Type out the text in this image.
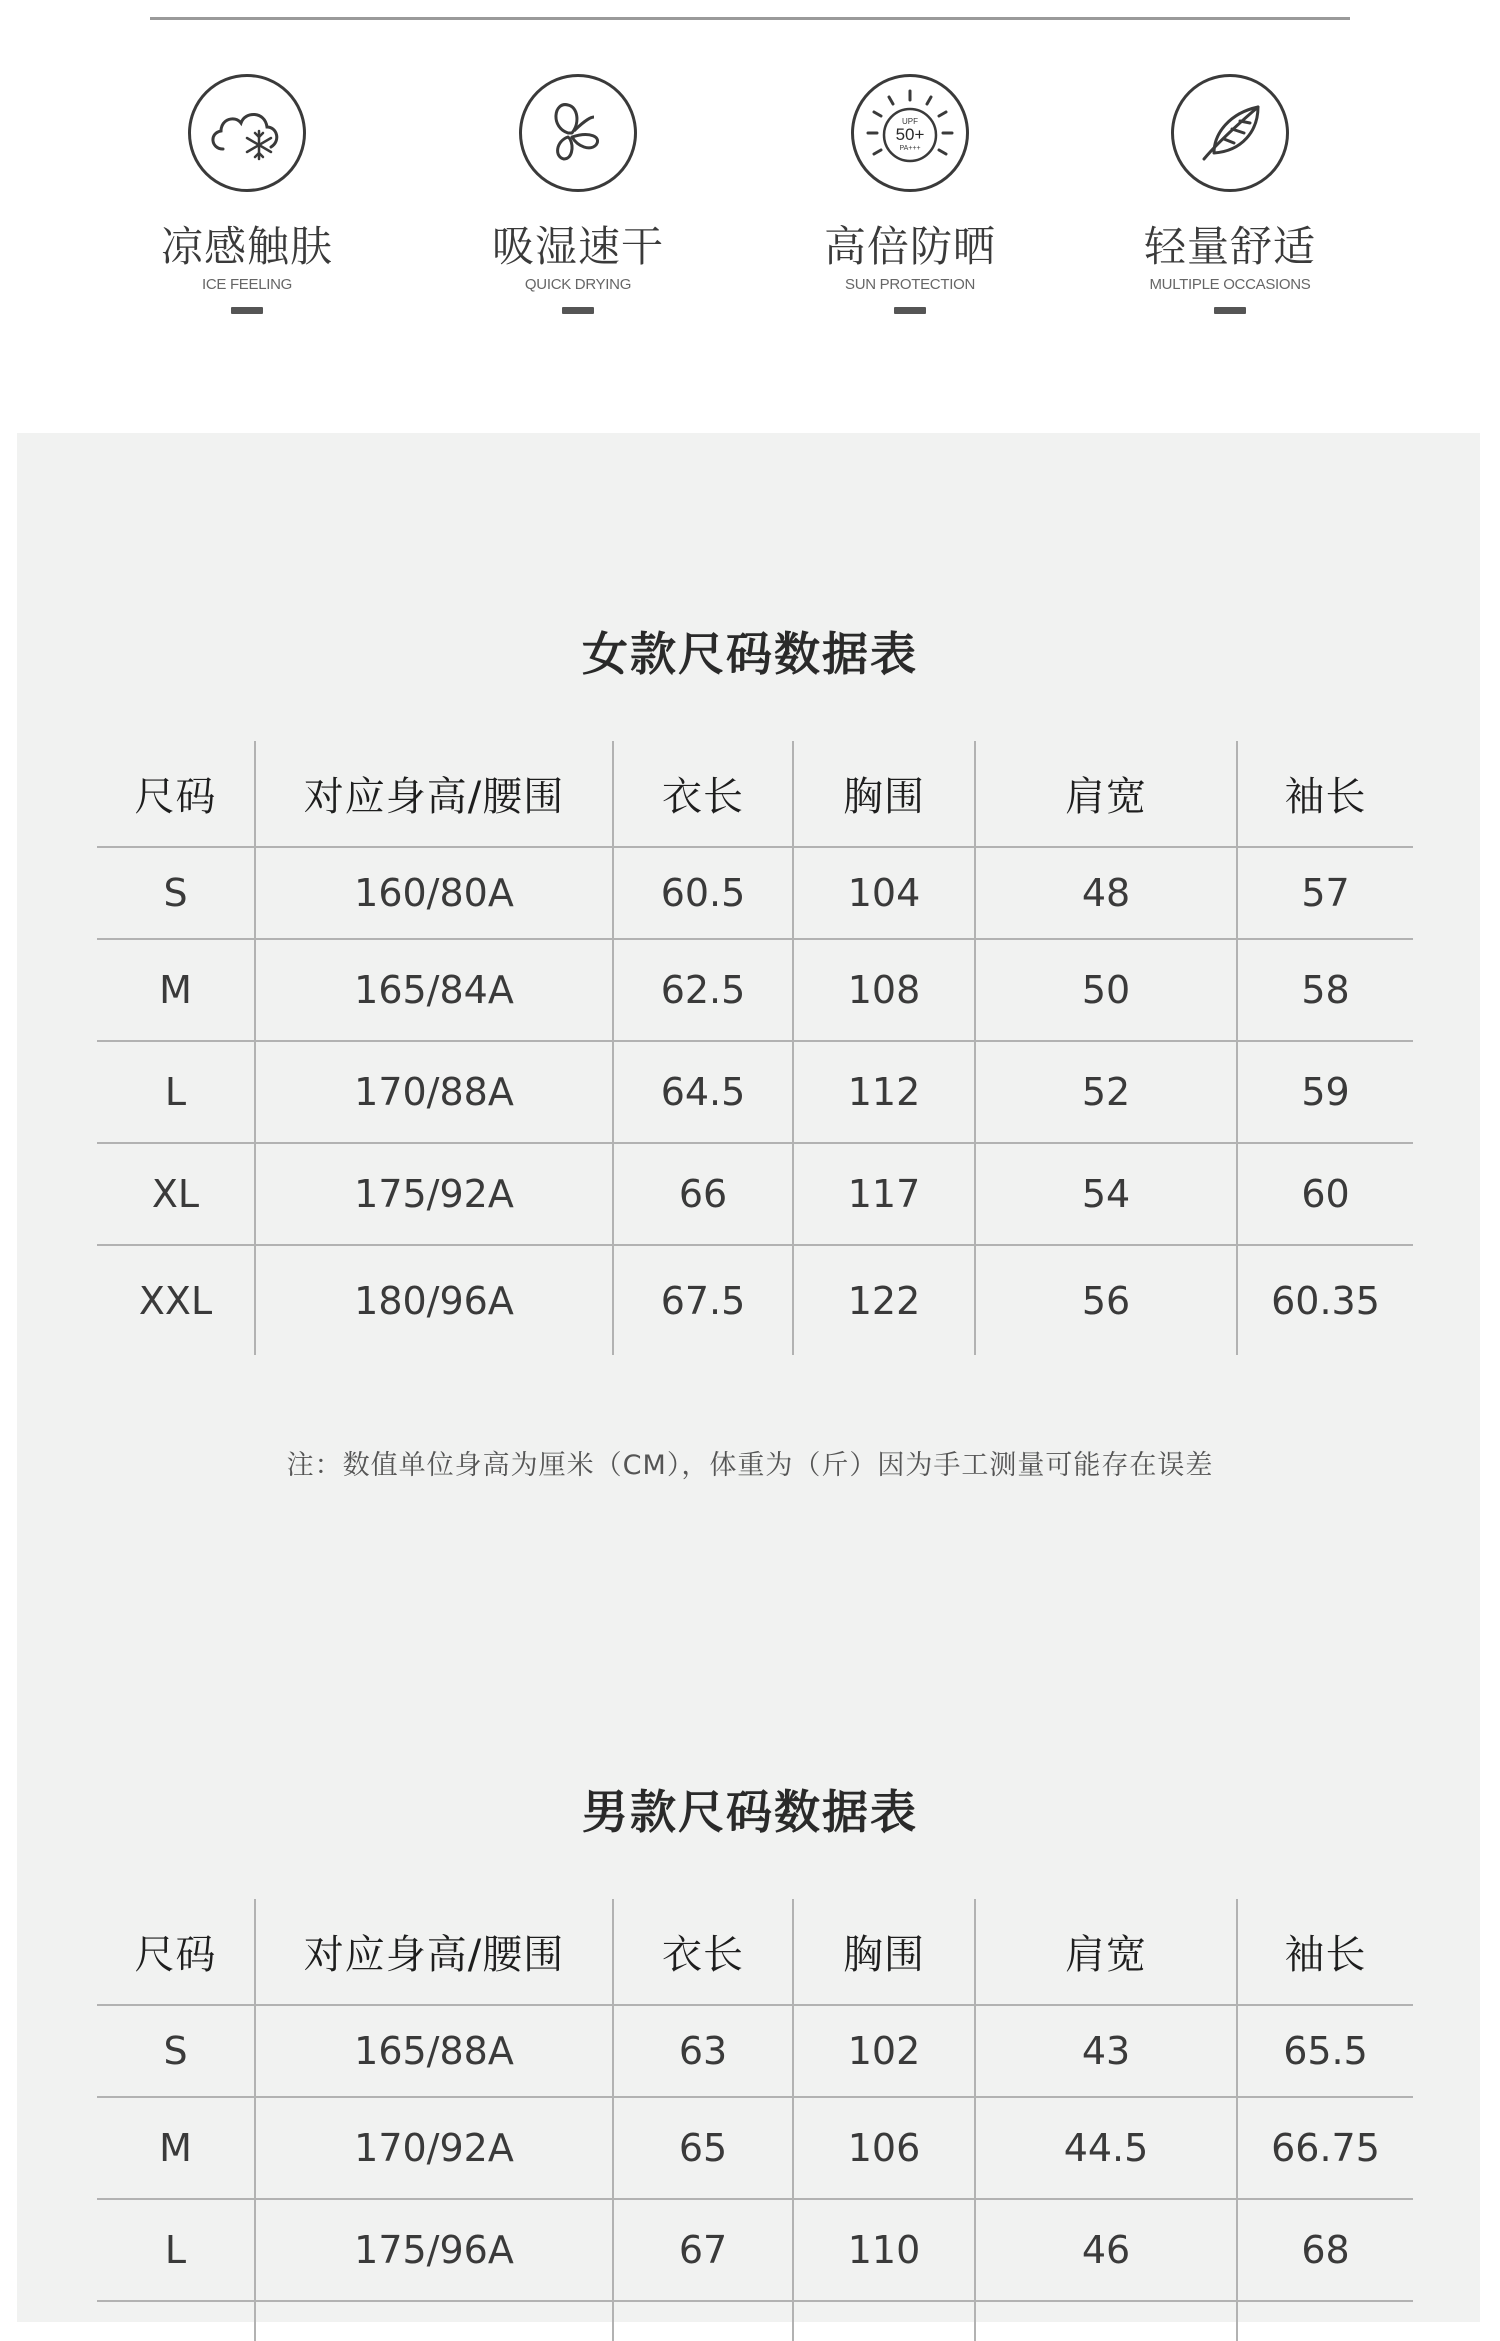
凉感触肤
ICE FEELING
吸湿速干
QUICK DRYING
UPF
50+
PA+++
高倍防晒
SUN PROTECTION
轻量舒适
MULTIPLE OCCASIONS
女款尺码数据表
尺码	对应身高/腰围	衣长	胸围	肩宽	袖长
S	160/80A	60.5	104	48	57
M	165/84A	62.5	108	50	58
L	170/88A	64.5	112	52	59
XL	175/92A	66	117	54	60
XXL	180/96A	67.5	122	56	60.35
注：数值单位身高为厘米（CM），体重为（斤）因为手工测量可能存在误差
男款尺码数据表
尺码	对应身高/腰围	衣长	胸围	肩宽	袖长
S	165/88A	63	102	43	65.5
M	170/92A	65	106	44.5	66.75
L	175/96A	67	110	46	68
